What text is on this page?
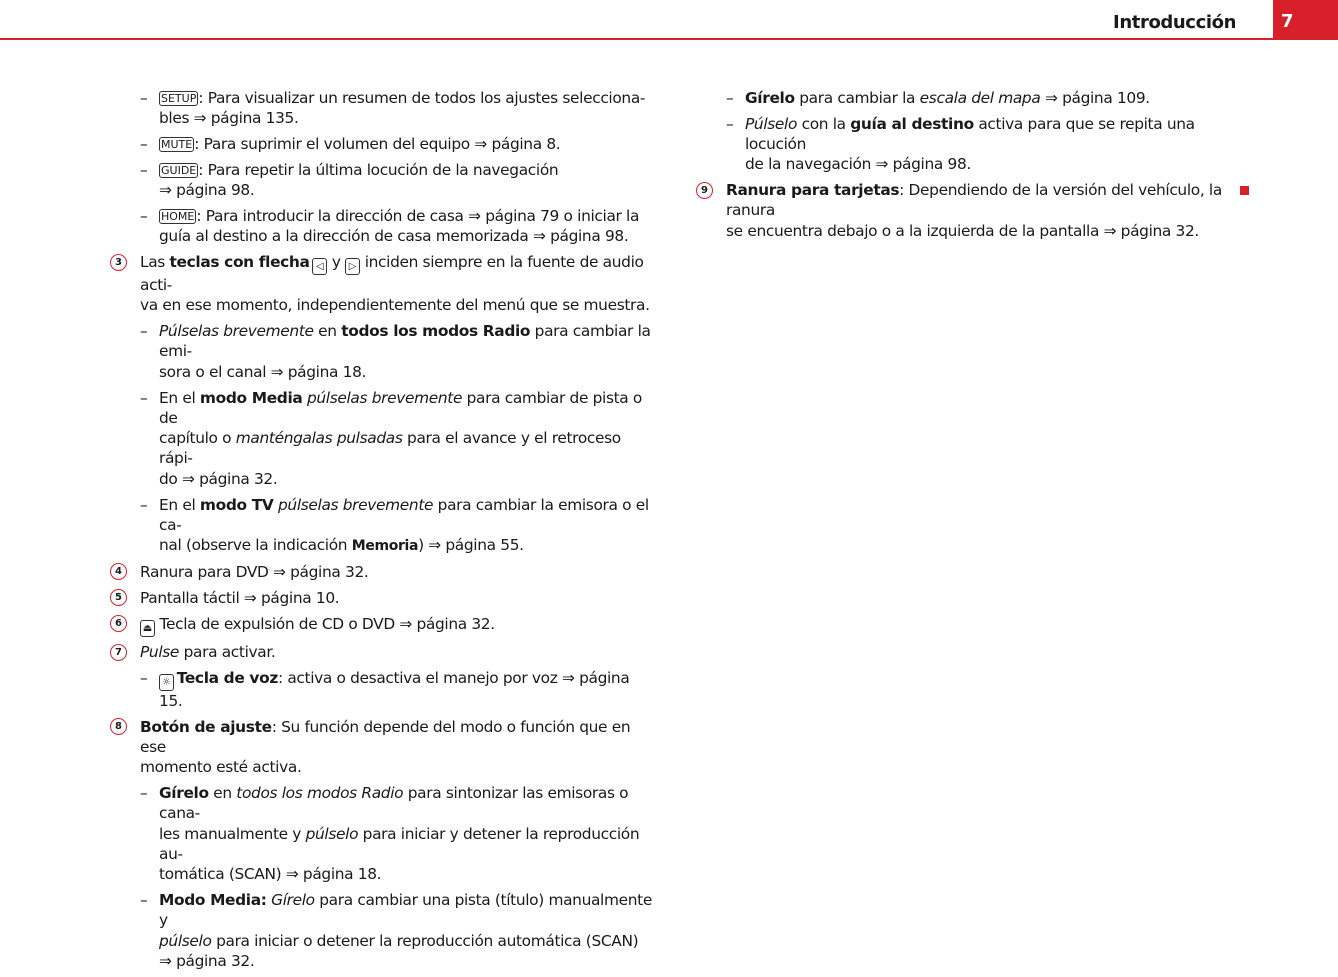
Introducción	7
– SETUP : Para visualizar un resumen de todos los ajustes selecciona-
bles ⇒ página 135.
– MUTE : Para suprimir el volumen del equipo ⇒ página 8.
– GUIDE : Para repetir la última locución de la navegación
⇒ página 98.
– HOME : Para introducir la dirección de casa ⇒ página 79 o iniciar la
guía al destino a la dirección de casa memorizada ⇒ página 98.
3	Las teclas con flecha  ◁ y ▷ inciden siempre en la fuente de audio acti-
va en ese momento, independientemente del menú que se muestra.
– Púlselas brevemente en todos los modos Radio para cambiar la emi-
sora o el canal ⇒ página 18.
– En el modo Media púlselas brevemente para cambiar de pista o de
capítulo o manténgalas pulsadas para el avance y el retroceso rápi-
do ⇒ página 32.
– En el modo TV púlselas brevemente para cambiar la emisora o el ca-
nal (observe la indicación Memoria) ⇒ página 55.
4	Ranura para DVD ⇒ página 32.
5	Pantalla táctil ⇒ página 10.
6	⏏ Tecla de expulsión de CD o DVD ⇒ página 32.
7	Pulse para activar.
– ☼  Tecla de voz: activa o desactiva el manejo por voz ⇒ página 15.
8	Botón de ajuste: Su función depende del modo o función que en ese
momento esté activa.
– Gírelo en todos los modos Radio para sintonizar las emisoras o cana-
les manualmente y púlselo para iniciar y detener la reproducción au-
tomática (SCAN) ⇒ página 18.
– Modo Media: Gírelo para cambiar una pista (título) manualmente y
púlselo para iniciar o detener la reproducción automática (SCAN)
⇒ página 32.
– Gírelo para cambiar la escala del mapa ⇒ página 109.
– Púlselo con la guía al destino activa para que se repita una locución
de la navegación ⇒ página 98.
9	Ranura para tarjetas: Dependiendo de la versión del vehículo, la ranura
se encuentra debajo o a la izquierda de la pantalla ⇒ página 32.
